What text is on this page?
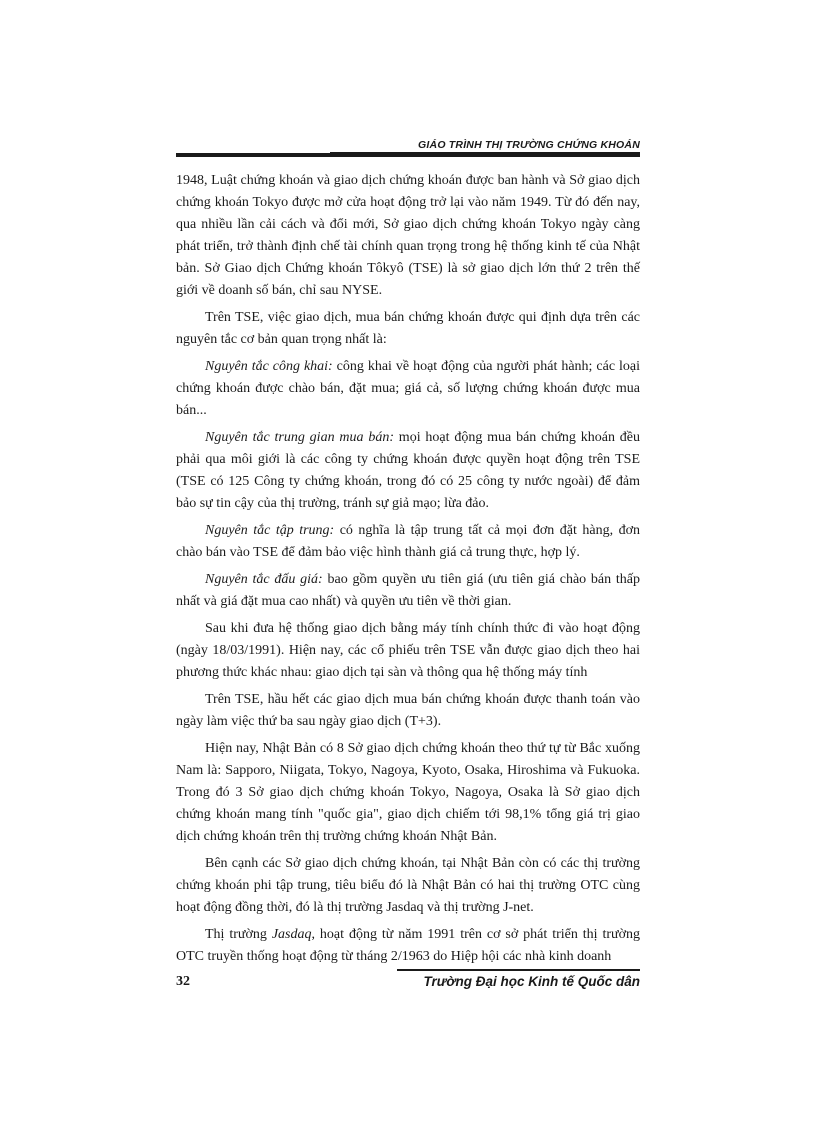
GIÁO TRÌNH THỊ TRƯỜNG CHỨNG KHOÁN

1948, Luật chứng khoán và giao dịch chứng khoán được ban hành và Sở giao dịch chứng khoán Tokyo được mở cửa hoạt động trở lại vào năm 1949. Từ đó đến nay, qua nhiều lần cải cách và đổi mới, Sở giao dịch chứng khoán Tokyo ngày càng phát triển, trở thành định chế tài chính quan trọng trong hệ thống kinh tế của Nhật bản. Sở Giao dịch Chứng khoán Tôkyô (TSE) là sở giao dịch lớn thứ 2 trên thế giới về doanh số bán, chỉ sau NYSE.

Trên TSE, việc giao dịch, mua bán chứng khoán được qui định dựa trên các nguyên tắc cơ bản quan trọng nhất là:

Nguyên tắc công khai: công khai về hoạt động của người phát hành; các loại chứng khoán được chào bán, đặt mua; giá cả, số lượng chứng khoán được mua bán...

Nguyên tắc trung gian mua bán: mọi hoạt động mua bán chứng khoán đều phải qua môi giới là các công ty chứng khoán được quyền hoạt động trên TSE (TSE có 125 Công ty chứng khoán, trong đó có 25 công ty nước ngoài) để đảm bảo sự tin cậy của thị trường, tránh sự giả mạo; lừa đảo.

Nguyên tắc tập trung: có nghĩa là tập trung tất cả mọi đơn đặt hàng, đơn chào bán vào TSE để đảm bảo việc hình thành giá cả trung thực, hợp lý.

Nguyên tắc đấu giá: bao gồm quyền ưu tiên giá (ưu tiên giá chào bán thấp nhất và giá đặt mua cao nhất) và quyền ưu tiên về thời gian.

Sau khi đưa hệ thống giao dịch bằng máy tính chính thức đi vào hoạt động (ngày 18/03/1991). Hiện nay, các cổ phiếu trên TSE vẫn được giao dịch theo hai phương thức khác nhau: giao dịch tại sàn và thông qua hệ thống máy tính

Trên TSE, hầu hết các giao dịch mua bán chứng khoán được thanh toán vào ngày làm việc thứ ba sau ngày giao dịch (T+3).

Hiện nay, Nhật Bản có 8 Sở giao dịch chứng khoán theo thứ tự từ Bắc xuống Nam là: Sapporo, Niigata, Tokyo, Nagoya, Kyoto, Osaka, Hiroshima và Fukuoka. Trong đó 3 Sở giao dịch chứng khoán Tokyo, Nagoya, Osaka là Sở giao dịch chứng khoán mang tính "quốc gia", giao dịch chiếm tới 98,1% tổng giá trị giao dịch chứng khoán trên thị trường chứng khoán Nhật Bản.

Bên cạnh các Sở giao dịch chứng khoán, tại Nhật Bản còn có các thị trường chứng khoán phi tập trung, tiêu biểu đó là Nhật Bản có hai thị trường OTC cùng hoạt động đồng thời, đó là thị trường Jasdaq và thị trường J-net.

Thị trường Jasdaq, hoạt động từ năm 1991 trên cơ sở phát triển thị trường OTC truyền thống hoạt động từ tháng 2/1963 do Hiệp hội các nhà kinh doanh

32	Trường Đại học Kinh tế Quốc dân
